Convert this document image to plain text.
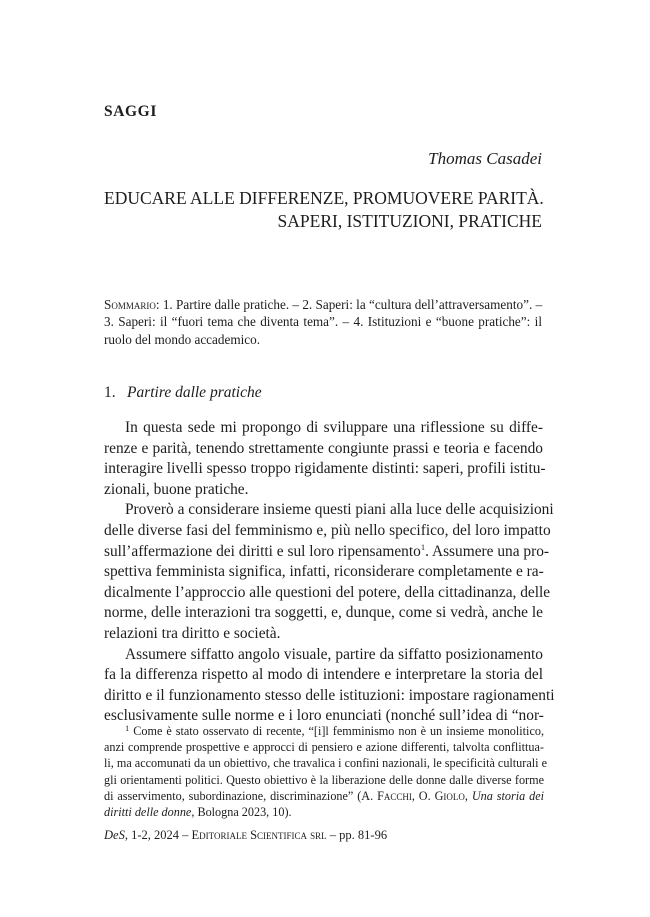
SAGGI
Thomas Casadei
EDUCARE ALLE DIFFERENZE, PROMUOVERE PARITÀ.
SAPERI, ISTITUZIONI, PRATICHE
Sommario: 1. Partire dalle pratiche. – 2. Saperi: la “cultura dell’attraversamento”. –
3. Saperi: il “fuori tema che diventa tema”. – 4. Istituzioni e “buone pratiche”: il
ruolo del mondo accademico.
1. Partire dalle pratiche
In questa sede mi propongo di sviluppare una riflessione su diffe-
renze e parità, tenendo strettamente congiunte prassi e teoria e facendo
interagire livelli spesso troppo rigidamente distinti: saperi, profili istitu-
zionali, buone pratiche.
Proverò a considerare insieme questi piani alla luce delle acquisizioni
delle diverse fasi del femminismo e, più nello specifico, del loro impatto
sull’affermazione dei diritti e sul loro ripensamento$^1$. Assumere una pro-
spettiva femminista significa, infatti, riconsiderare completamente e ra-
dicalmente l’approccio alle questioni del potere, della cittadinanza, delle
norme, delle interazioni tra soggetti, e, dunque, come si vedrà, anche le
relazioni tra diritto e società.
Assumere siffatto angolo visuale, partire da siffatto posizionamento
fa la differenza rispetto al modo di intendere e interpretare la storia del
diritto e il funzionamento stesso delle istituzioni: impostare ragionamenti
esclusivamente sulle norme e i loro enunciati (nonché sull’idea di “nor-
$^1$ Come è stato osservato di recente, “[i]l femminismo non è un insieme monolitico,
anzi comprende prospettive e approcci di pensiero e azione differenti, talvolta conflittua-
li, ma accomunati da un obiettivo, che travalica i confini nazionali, le specificità culturali e
gli orientamenti politici. Questo obiettivo è la liberazione delle donne dalle diverse forme
di asservimento, subordinazione, discriminazione” (A. Facchi, O. Giolo, Una storia dei
diritti delle donne, Bologna 2023, 10).
DeS, 1-2, 2024 – Editoriale Scientifica srl – pp. 81-96
